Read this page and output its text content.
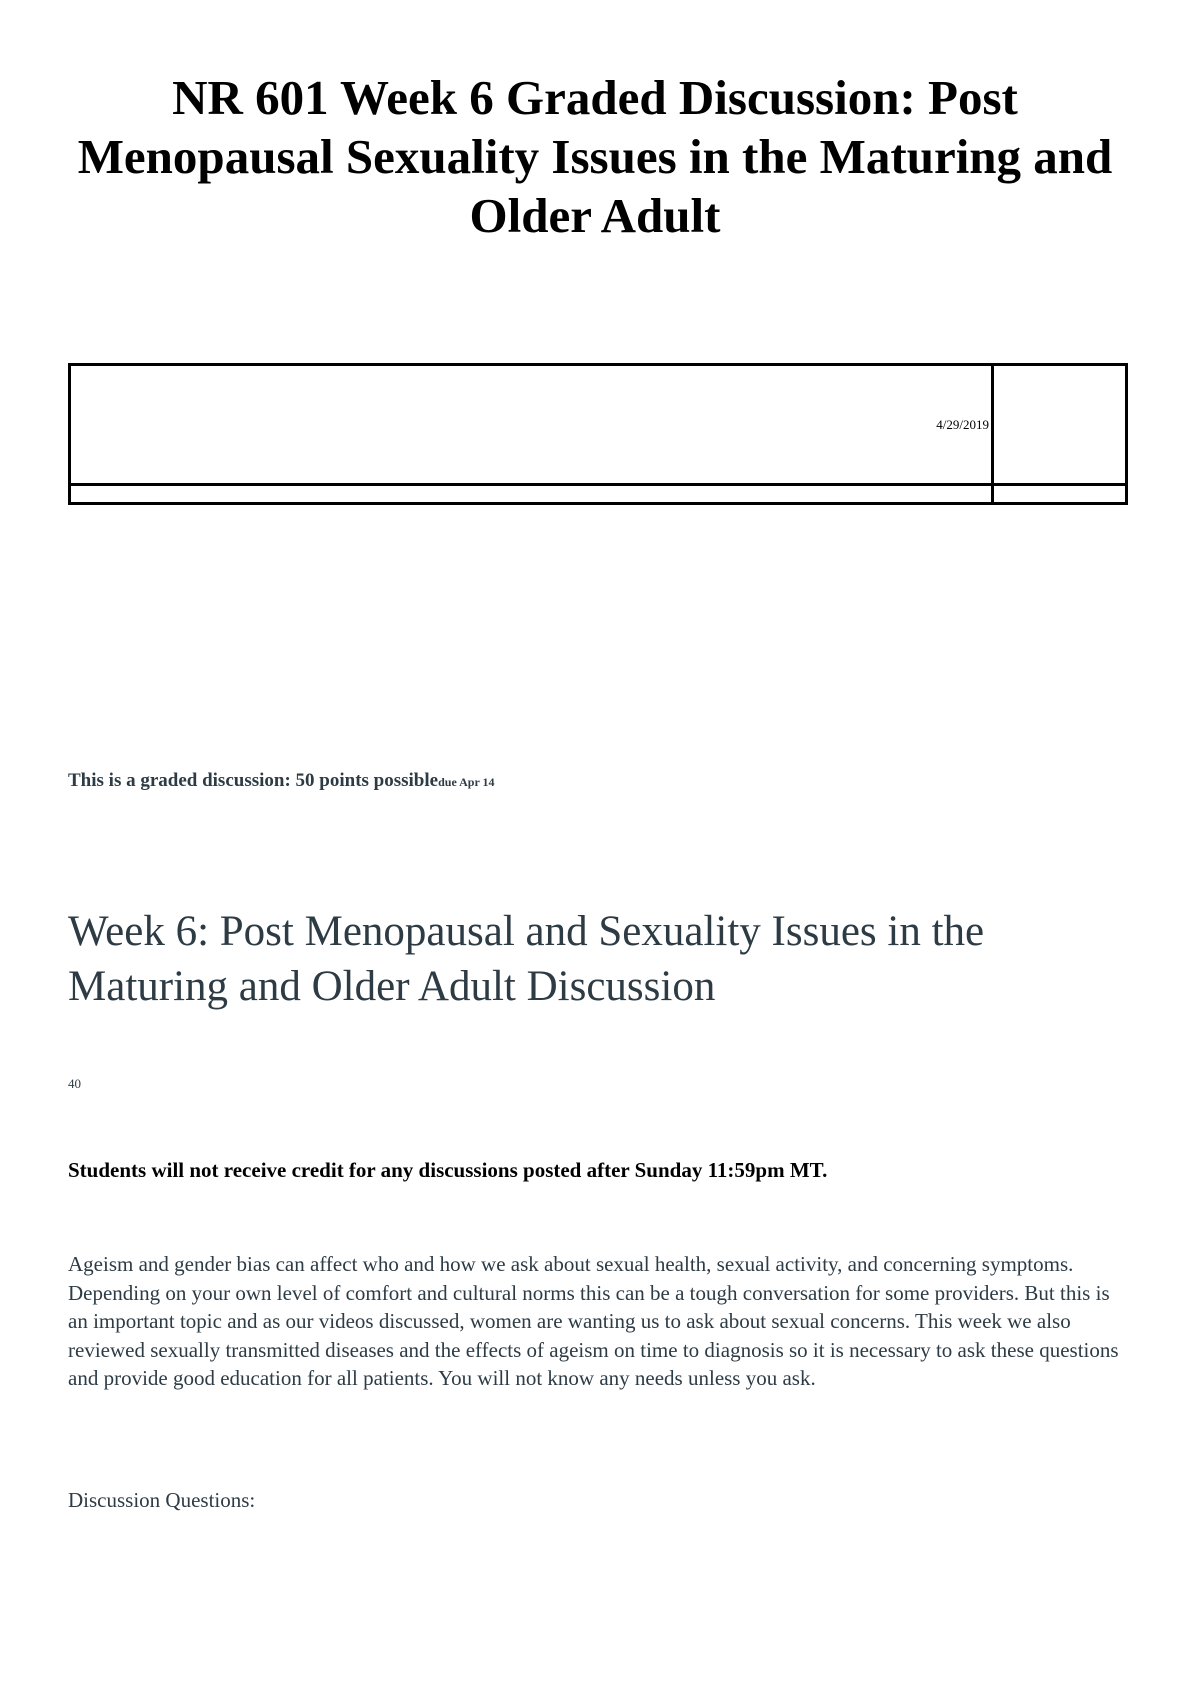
NR 601 Week 6 Graded Discussion: Post Menopausal Sexuality Issues in the Maturing and Older Adult
4/29/2019	

This is a graded discussion: 50 points possibledue Apr 14
Week 6: Post Menopausal and Sexuality Issues in the Maturing and Older Adult Discussion
40
Students will not receive credit for any discussions posted after Sunday 11:59pm MT.

Ageism and gender bias can affect who and how we ask about sexual health, sexual activity, and concerning symptoms. Depending on your own level of comfort and cultural norms this can be a tough conversation for some providers. But this is an important topic and as our videos discussed, women are wanting us to ask about sexual concerns. This week we also reviewed sexually transmitted diseases and the effects of ageism on time to diagnosis so it is necessary to ask these questions and provide good education for all patients. You will not know any needs unless you ask.

Discussion Questions:
